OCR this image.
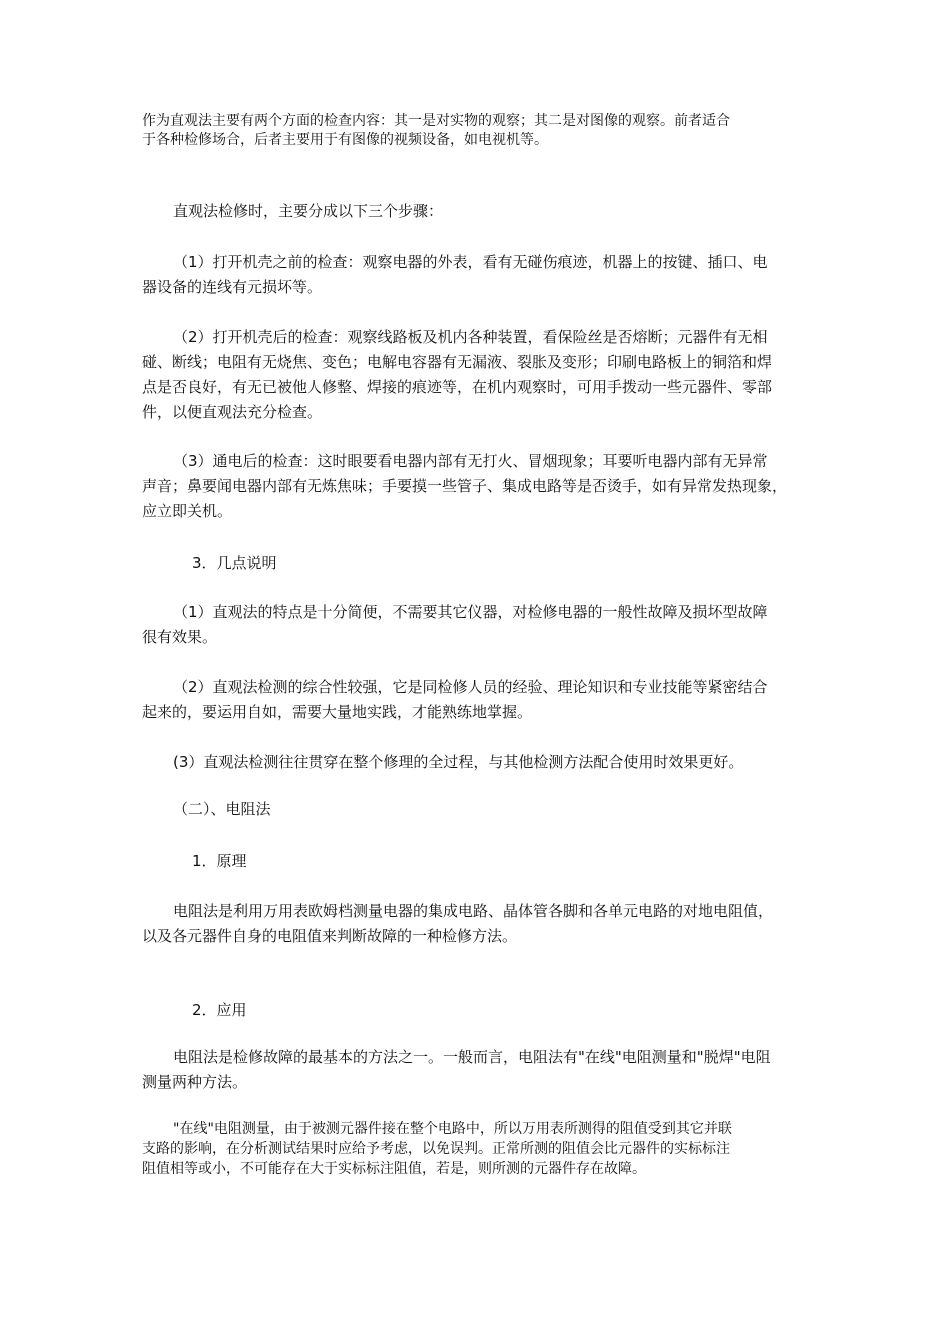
作为直观法主要有两个方面的检查内容：其一是对实物的观察；其二是对图像的观察。前者适合
于各种检修场合，后者主要用于有图像的视频设备，如电视机等。
直观法检修时，主要分成以下三个步骤：
（1）打开机壳之前的检查：观察电器的外表，看有无碰伤痕迹，机器上的按键、插口、电
器设备的连线有元损坏等。
（2）打开机壳后的检查：观察线路板及机内各种装置，看保险丝是否熔断；元器件有无相
碰、断线；电阻有无烧焦、变色；电解电容器有无漏液、裂胀及变形；印刷电路板上的铜箔和焊
点是否良好，有无已被他人修整、焊接的痕迹等，在机内观察时，可用手拨动一些元器件、零部
件，以便直观法充分检查。
（3）通电后的检查：这时眼要看电器内部有无打火、冒烟现象；耳要听电器内部有无异常
声音；鼻要闻电器内部有无炼焦味；手要摸一些管子、集成电路等是否烫手，如有异常发热现象，
应立即关机。
3．几点说明
（1）直观法的特点是十分简便，不需要其它仪器，对检修电器的一般性故障及损坏型故障
很有效果。
（2）直观法检测的综合性较强，它是同检修人员的经验、理论知识和专业技能等紧密结合
起来的，要运用自如，需要大量地实践，才能熟练地掌握。
(3）直观法检测往往贯穿在整个修理的全过程，与其他检测方法配合使用时效果更好。
（二）、电阻法
1．原理
电阻法是利用万用表欧姆档测量电器的集成电路、晶体管各脚和各单元电路的对地电阻值，
以及各元器件自身的电阻值来判断故障的一种检修方法。
2．应用
电阻法是检修故障的最基本的方法之一。一般而言，电阻法有"在线"电阻测量和"脱焊"电阻
测量两种方法。
"在线"电阻测量，由于被测元器件接在整个电路中，所以万用表所测得的阻值受到其它并联
支路的影响，在分析测试结果时应给予考虑，以免误判。正常所测的阻值会比元器件的实标标注
阻值相等或小，不可能存在大于实标标注阻值，若是，则所测的元器件存在故障。
